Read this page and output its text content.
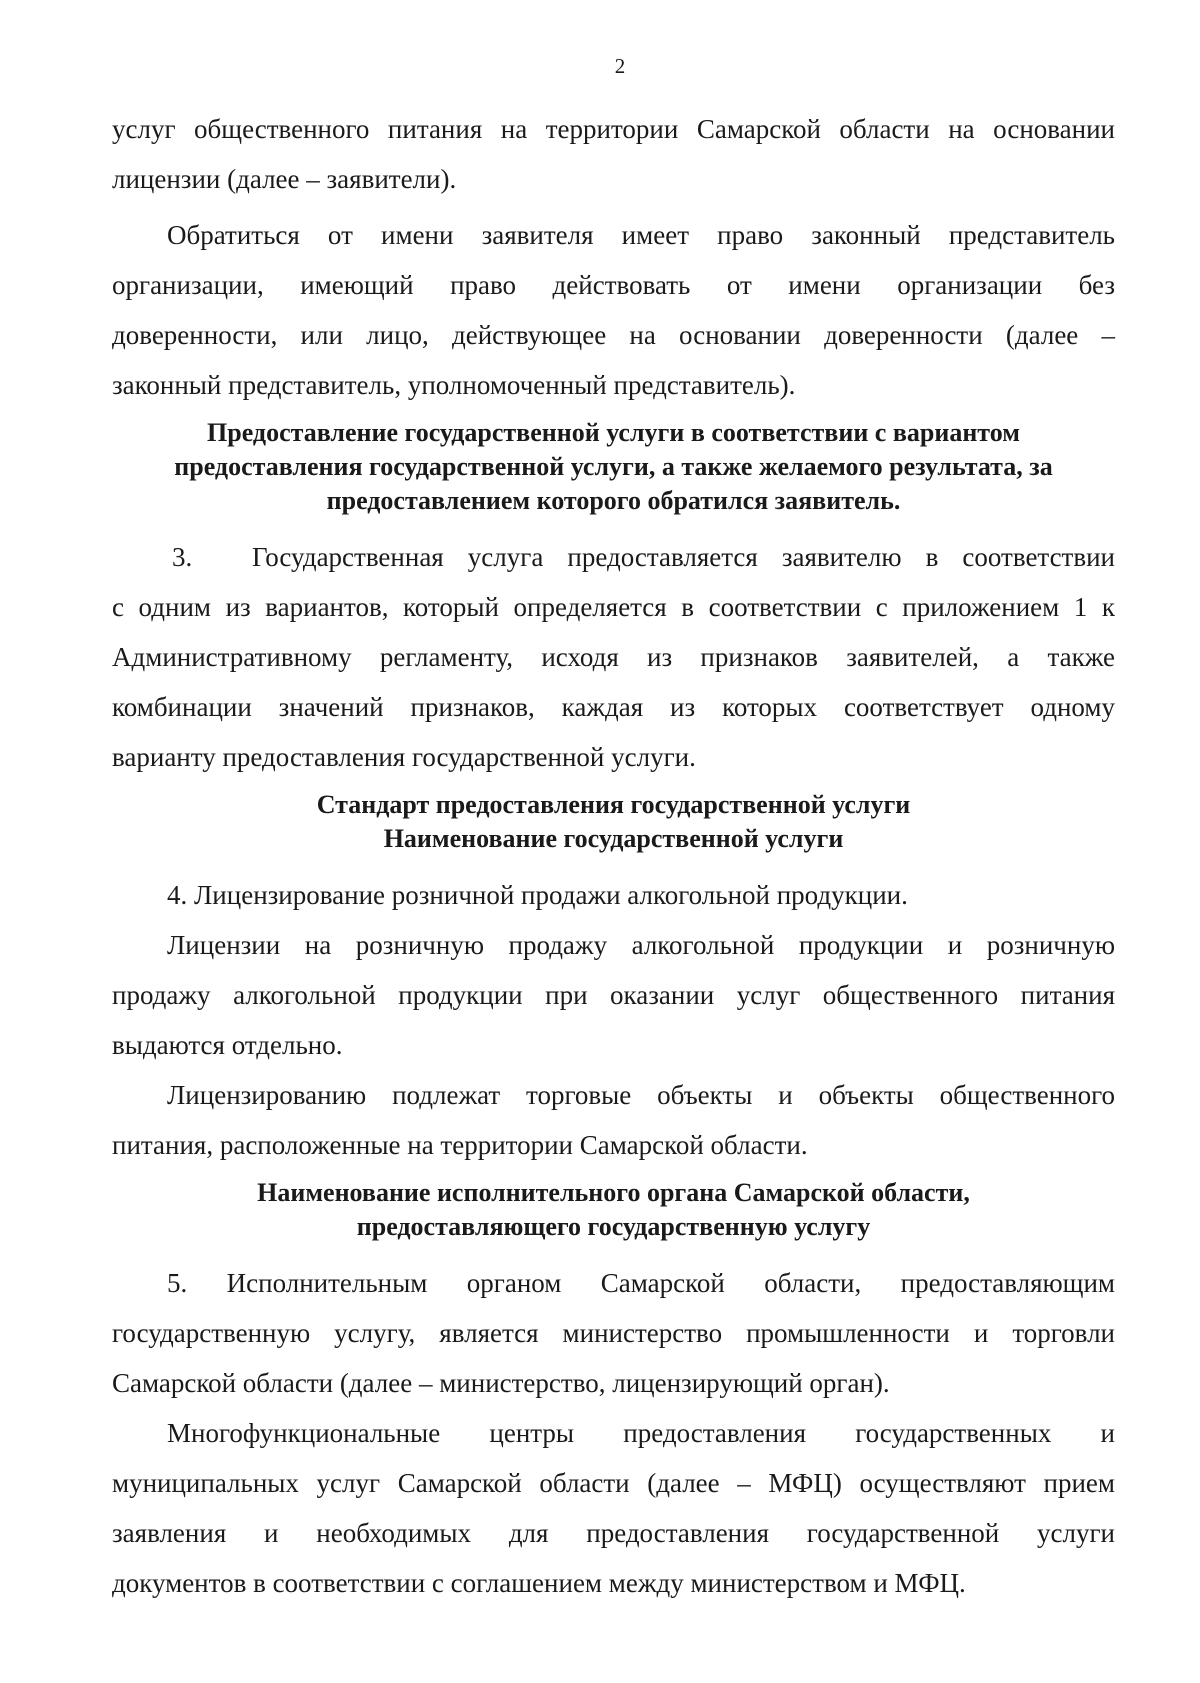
2
услуг общественного питания на территории Самарской области на основании
лицензии (далее – заявители).
Обратиться от имени заявителя имеет право законный представитель
организации, имеющий право действовать от имени организации без
доверенности, или лицо, действующее на основании доверенности (далее –
законный представитель, уполномоченный представитель).
Предоставление государственной услуги в соответствии с вариантом
предоставления государственной услуги, а также желаемого результата, за
предоставлением которого обратился заявитель.
3. Государственная услуга предоставляется заявителю в соответствии
с одним из вариантов, который определяется в соответствии с приложением 1 к
Административному регламенту, исходя из признаков заявителей, а также
комбинации значений признаков, каждая из которых соответствует одному
варианту предоставления государственной услуги.
Стандарт предоставления государственной услуги
Наименование государственной услуги
4. Лицензирование розничной продажи алкогольной продукции.
Лицензии на розничную продажу алкогольной продукции и розничную
продажу алкогольной продукции при оказании услуг общественного питания
выдаются отдельно.
Лицензированию подлежат торговые объекты и объекты общественного
питания, расположенные на территории Самарской области.
Наименование исполнительного органа Самарской области,
предоставляющего государственную услугу
5. Исполнительным органом Самарской области, предоставляющим
государственную услугу, является министерство промышленности и торговли
Самарской области (далее – министерство, лицензирующий орган).
Многофункциональные центры предоставления государственных и
муниципальных услуг Самарской области (далее – МФЦ) осуществляют прием
заявления и необходимых для предоставления государственной услуги
документов в соответствии с соглашением между министерством и МФЦ.
